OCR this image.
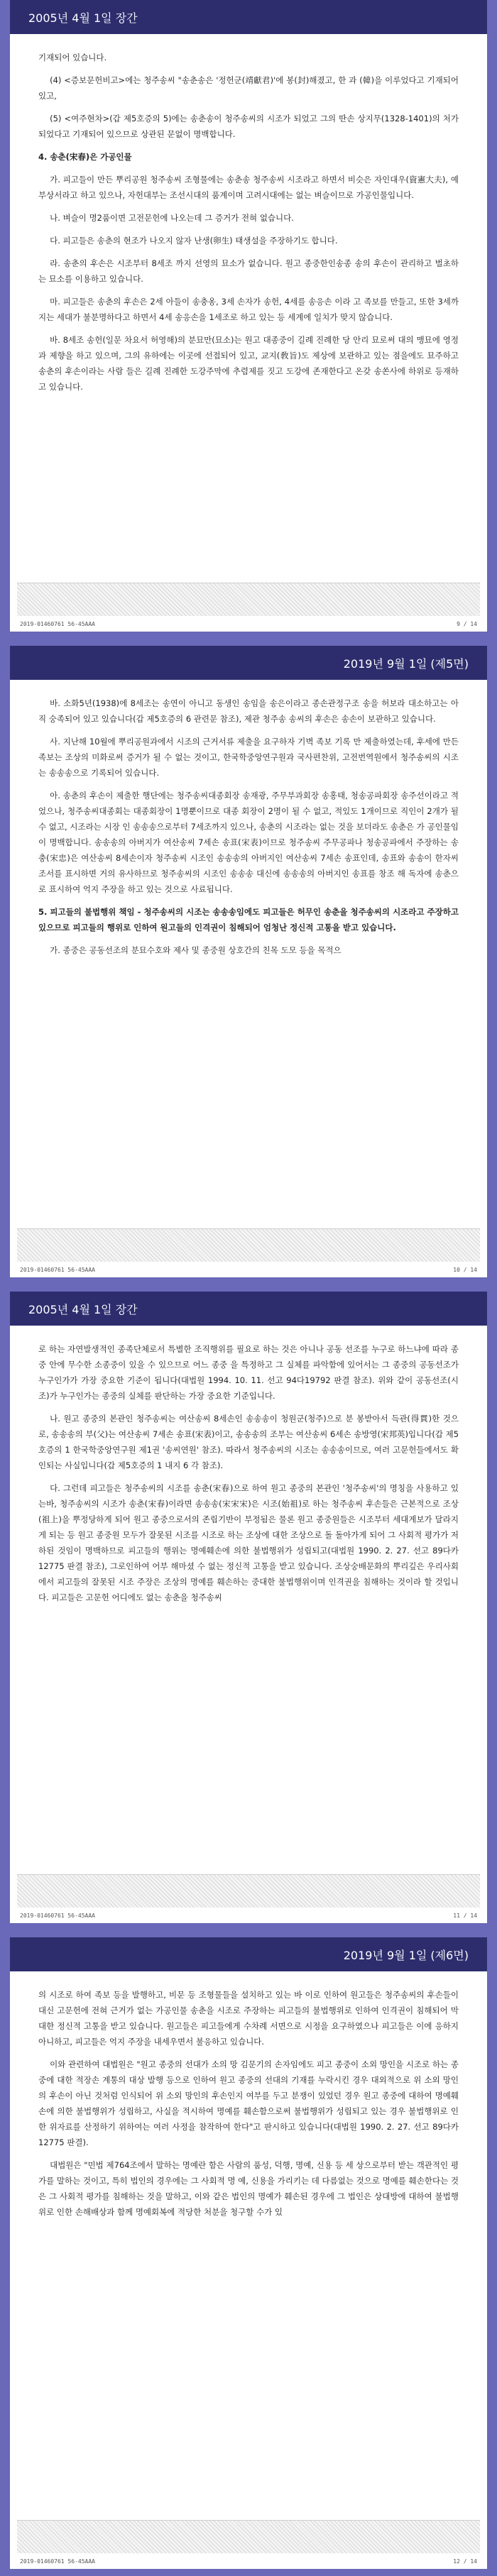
2005년 4월 1일 장간

기재되어 있습니다.

(4) <증보문헌비고>에는 청주송씨 "송춘송은 '정헌군(靖獻君)'에 봉(封)해졌고, 한 과 (韓)을 이루었다고 기재되어 있고,

(5) <여주현차>(갑 제5호증의 5)에는 송춘송이 청주송씨의 시조가 되었고 그의 딴손 상지무(1328-1401)의 처가 되었다고 기재되어 있으므로 상관된 문없이 명백합니다.

4. 송춘(宋春)은 가공인물

가. 피고들이 만든 뿌리공원 청주송씨 조형물에는 송춘송 청주송씨 시조라고 하면서 비슷은 자인대우(資憲大夫), 예부상서라고 하고 있으나, 자헌대부는 조선시대의 품계이며 고려시대에는 없는 벼슬이므로 가공인물입니다.

나. 벼슬이 명2품이면 고전문헌에 나오는데 그 증거가 전혀 없습니다.

다. 피고들은 송춘의 현조가 나오지 않자 난생(卵生) 태생설을 주장하기도 합니다.

라. 송춘의 후손은 시조부터 8세조 까지 선영의 묘소가 없습니다. 원고 종중한인송종 송의 후손이 관리하고 벌초하는 묘소를 이용하고 있습니다.

마. 피고들은 송춘의 후손은 2세 아들이 송충옹, 3세 손자가 송헌, 4세를 송응손 이라 고 족보를 만들고, 또한 3세까지는 세대가 불분명하다고 하면서 4세 송응손을 1세조로 하고 있는 등 세계에 일치가 맞지 않습니다.

바. 8세조 송헌(일문 차요서 허영해)의 분묘만(묘소)는 원고 대종중이 길례 진례한 당 안리 묘로써 대의 맹묘에 영정과 제향을 하고 있으며, 그의 유하에는 이곳에 선접되어 있고, 교지(敎旨)도 제상에 보관하고 있는 점을에도 묘주하고 송춘의 후손이라는 사람 들은 길례 진례한 도강주막에 추렴제를 짓고 도강에 존재한다고 온갖 송쏜사에 하위로 등재하고 있습니다.

2019-01460761 56-45AAA	9 / 14
2019년 9월 1일 (제5면)

바. 소화5년(1938)에 8세조는 송연이 아니고 동생인 송임을 송은이라고 종손관정구조 송을 허보라 대소하고는 아직 숭족되어 있고 있습니다(갑 제5호증의 6 관련문 참조), 제관 청주송 송씨의 후손은 송손이 보관하고 있습니다.

사. 지난해 10월에 뿌리공원과에서 시조의 근거서류 제출을 요구하자 기벽 족보 기록 만 제출하였는데, 후세에 만든 족보는 조상의 미화로써 증거가 될 수 없는 것이고, 한국학중앙연구원과 국사편찬위, 고전번역원에서 청주송씨의 시조는 송송송으로 기록되어 있습니다.

아. 송춘의 후손이 제출한 행단에는 청주송씨대종회장 송재광, 주무부과회장 송홍태, 청송공파회장 송주선이라고 적었으나, 청주송씨대종회는 대종회장이 1명뿐이므로 대종 회장이 2명이 될 수 없고, 적있도 1개이므로 직인이 2개가 될 수 없고, 시조라는 시장 인 송송송으로부터 7세조까지 있으나, 송춘의 시조라는 없는 것을 보더라도 송춘은 가 공인물임이 명백합니다. 송송송의 아버지가 여산송씨 7세손 송표(宋表)이므로 청주송씨 주무공파나 청송공파에서 주장하는 송충(宋忠)은 여산송씨 8세손이자 청주송씨 시조인 송송송의 아버지인 여산송씨 7세손 송표인데, 송표와 송송이 한자씨 조서를 표시하면 거의 유사하므로 청주송씨의 시조인 송송송 대신에 송송송의 아버지인 송표를 창조 해 독자에 송춘으로 표시하여 억지 주장을 하고 있는 것으로 사료됩니다.

5. 피고들의 불법행위 책임 - 청주송씨의 시조는 송송송임에도 피고들은 허무인 송춘을 청주송씨의 시조라고 주장하고 있으므로 피고들의 행위로 인하여 원고들의 인격권이 침해되어 엄청난 정신적 고통을 받고 있습니다.

가. 종중은 공동선조의 분묘수호와 제사 및 종중원 상호간의 친목 도모 등을 목적으

2019-01460761 56-45AAA	10 / 14
2005년 4월 1일 장간

로 하는 자연발생적인 종족단체로서 특별한 조직행위를 필요로 하는 것은 아니나 공동 선조를 누구로 하느냐에 따라 종중 안에 무수한 소종중이 있을 수 있으므로 어느 종중 을 특정하고 그 실체를 파악함에 있어서는 그 종중의 공동선조가 누구인가가 가장 중요한 기준이 됩니다(대법원 1994. 10. 11. 선고 94다19792 판결 참조). 위와 같이 공동선조(시조)가 누구인가는 종중의 실체를 판단하는 가장 중요한 기준입니다.

나. 원고 종중의 본관인 청주송씨는 여산송씨 8세손인 송송송이 청원군(청주)으로 분 봉받아서 득관(得貫)한 것으로, 송송송의 부(父)는 여산송씨 7세손 송표(宋表)이고, 송송송의 조부는 여산송씨 6세손 송방영(宋邦英)입니다(갑 제5호증의 1 한국학중앙연구원 제1권 '송씨연원' 참조). 따라서 청주송씨의 시조는 송송송이므로, 여러 고문헌들에서도 확인되는 사실입니다(갑 제5호증의 1 내지 6 각 참조).

다. 그런데 피고들은 청주송씨의 시조를 송춘(宋春)으로 하여 원고 종중의 본관인 '청주송씨'의 명칭을 사용하고 있는바, 청주송씨의 시조가 송춘(宋春)이라면 송송송(宋宋宋)은 시조(始祖)로 하는 청주송씨 후손들은 근본적으로 조상(祖上)을 뿌정당하게 되어 원고 종중으로서의 존립기반이 부정됨은 물론 원고 종중원들은 시조부터 세대계보가 달라지게 되는 등 원고 종중원 모두가 잘못된 시조를 시조로 하는 조상에 대한 조상으로 돌 돌아가게 되어 그 사회적 평가가 저하된 것임이 명백하므로 피고들의 행위는 명예훼손에 의한 불법행위가 성립되고(대법원 1990. 2. 27. 선고 89다카12775 판결 참조), 그로인하여 어부 해마셨 수 없는 정신적 고통을 받고 있습니다. 조상숭배문화의 뿌리깊은 우리사회에서 피고들의 잘못된 시조 주장은 조상의 명예를 훼손하는 중대한 불법행위이며 인격권을 침해하는 것이라 할 것입니다. 피고들은 고문헌 어디에도 없는 송춘을 청주송씨

2019-01460761 56-45AAA	11 / 14
2019년 9월 1일 (제6면)

의 시조로 하여 족보 등을 발행하고, 비문 등 조형물들을 설치하고 있는 바 이로 인하여 원고들은 청주송씨의 후손들이 대신 고문헌에 전혀 근거가 없는 가공인물 송춘을 시조로 주장하는 피고들의 불법행위로 인하여 인격권이 침해되어 막대한 정신적 고통을 받고 있습니다. 원고들은 피고들에게 수차례 서면으로 시정을 요구하였으나 피고들은 이에 응하지 아니하고, 피고들은 억지 주장을 내세우면서 불응하고 있습니다.

이와 관련하여 대법원은 "원고 종중의 선대가 소의 망 김문기의 손자임에도 피고 종중이 소외 망인을 시조로 하는 종중에 대한 적장손 계통의 대상 발행 등으로 인하여 원고 종중의 선대의 기재를 누락시킨 경우 대외적으로 위 소외 망인의 후손이 아닌 것처럼 인식되어 위 소외 망인의 후손인지 여부를 두고 분쟁이 있었던 경우 원고 종중에 대하여 명예훼손에 의한 불법행위가 성립하고, 사실을 적시하여 명예를 훼손함으로써 불법행위가 성립되고 있는 경우 불법행위로 인한 위자료를 산정하기 위하여는 여러 사정을 참작하여 한다"고 판시하고 있습니다(대법원 1990. 2. 27. 선고 89다카12775 판결).

대법원은 "민법 제764조에서 말하는 명예란 함은 사람의 품성, 덕행, 명예, 신용 등 세 상으로부터 받는 객관적인 평가를 말하는 것이고, 특히 법인의 경우에는 그 사회적 명 예, 신용을 가리키는 데 다름없는 것으로 명예를 훼손한다는 것은 그 사회적 평가를 침해하는 것을 말하고, 이와 같은 법인의 명예가 훼손된 경우에 그 법인은 상대방에 대하여 불법행위로 인한 손해배상과 함께 명예회복에 적당한 처분을 청구할 수가 있

2019-01460761 56-45AAA	12 / 14
